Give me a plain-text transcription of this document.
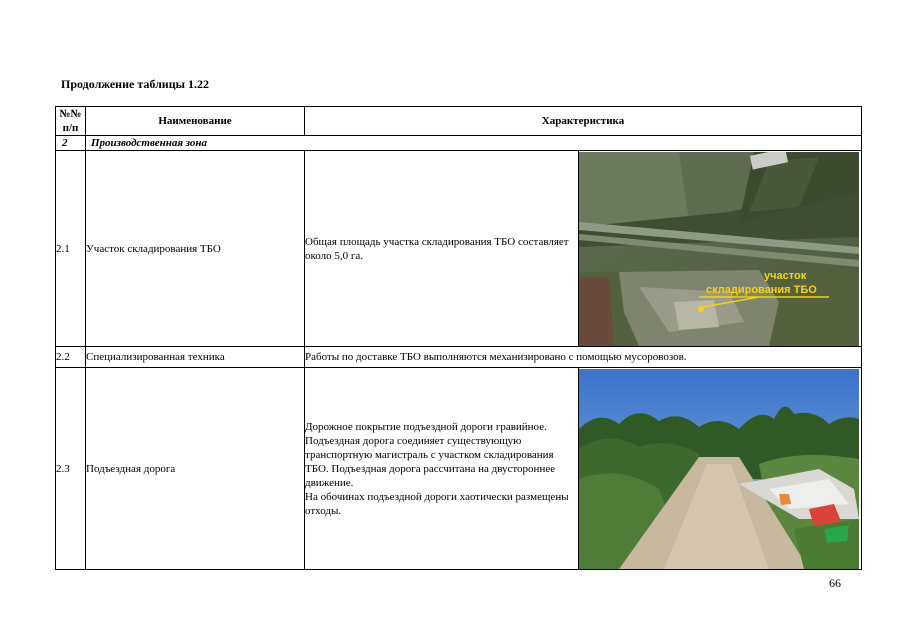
Продолжение таблицы 1.22
№№ п/п	Наименование	Характеристика	
2	Производственная зона		
2.1	Участок складирования ТБО	Общая площадь участка складирования ТБО составляет около 5,0 га.	участок
складирования ТБО

2.2	Специализированная техника	Работы по доставке ТБО выполняются механизировано с помощью мусоровозов.	
2.3	Подъездная дорога	Дорожное покрытие подъездной дороги гравийное.
Подъездная дорога соединяет существующую транспортную магистраль с участком складирования ТБО. Подъездная дорога рассчитана на двустороннее движение.
На обочинах подъездной дороги хаотически размещены отходы.

66
